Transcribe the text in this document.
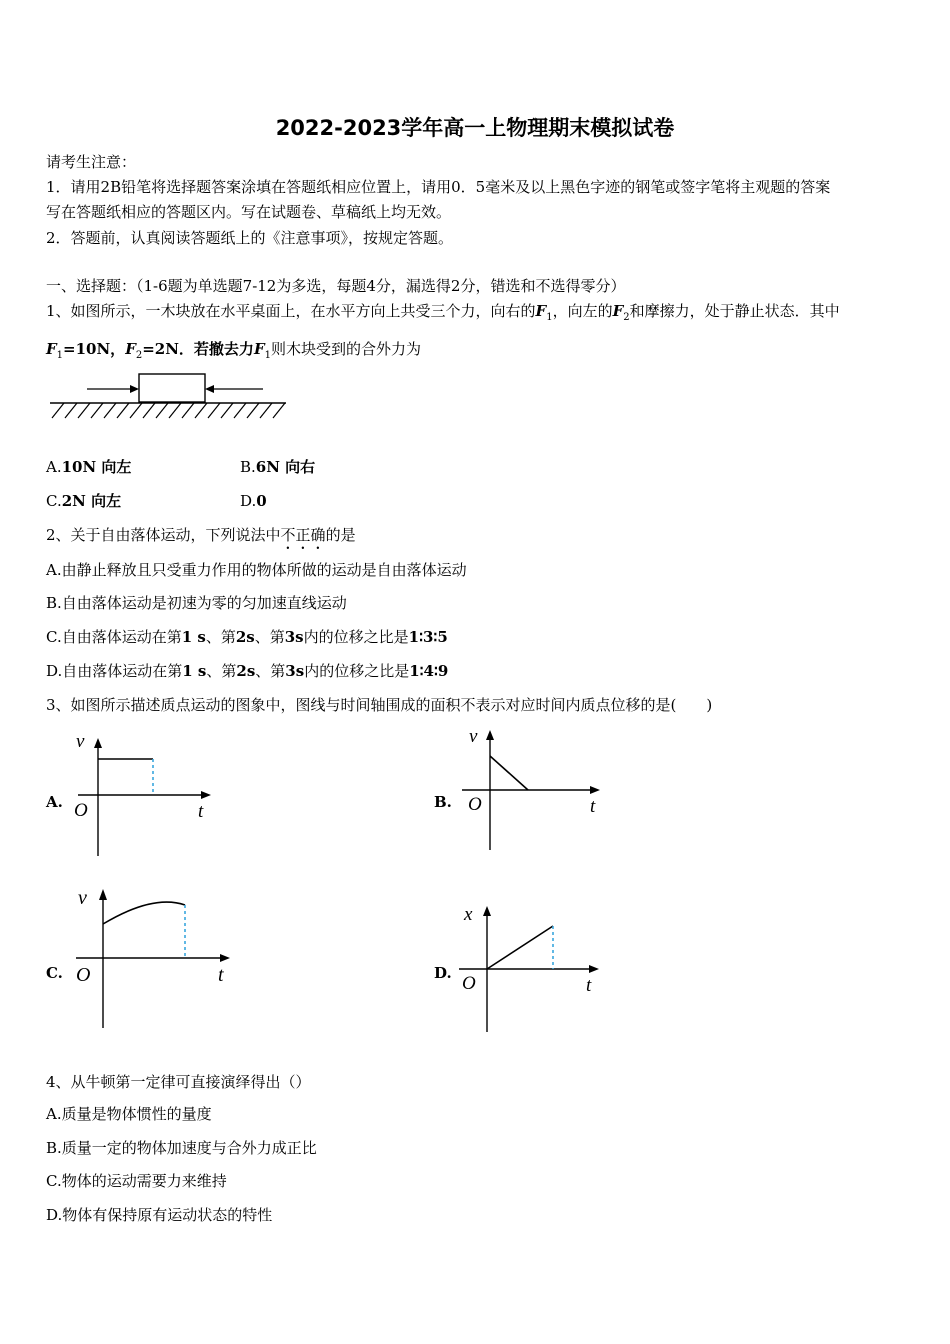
2022-2023学年高一上物理期末模拟试卷
请考生注意：
1．请用2B铅笔将选择题答案涂填在答题纸相应位置上，请用0．5毫米及以上黑色字迹的钢笔或签字笔将主观题的答案
写在答题纸相应的答题区内。写在试题卷、草稿纸上均无效。
2．答题前，认真阅读答题纸上的《注意事项》，按规定答题。
一、选择题：（1-6题为单选题7-12为多选，每题4分，漏选得2分，错选和不选得零分）
1、如图所示，一木块放在水平桌面上，在水平方向上共受三个力，向右的$F_1$，向左的$F_2$和摩擦力，处于静止状态．其中
$F_1=10N$，$F_2=2N$．若撤去力$F_1$则木块受到的合外力为
A.10N 向左	B.6N 向右
C.2N 向左	D.0
2、关于自由落体运动，下列说法中不正确的是
A.由静止释放且只受重力作用的物体所做的运动是自由落体运动
B.自由落体运动是初速为零的匀加速直线运动
C.自由落体运动在第1 s、第2s、第3s内的位移之比是1∶3∶5
D.自由落体运动在第1 s、第2s、第3s内的位移之比是1∶4∶9
3、如图所示描述质点运动的图象中，图线与时间轴围成的面积不表示对应时间内质点位移的是(　　)
A.
v
O	t	B.
v
O	t
C.
v
O	t	D.
x
O	t
4、从牛顿第一定律可直接演绎得出（）
A.质量是物体惯性的量度
B.质量一定的物体加速度与合外力成正比
C.物体的运动需要力来维持
D.物体有保持原有运动状态的特性
